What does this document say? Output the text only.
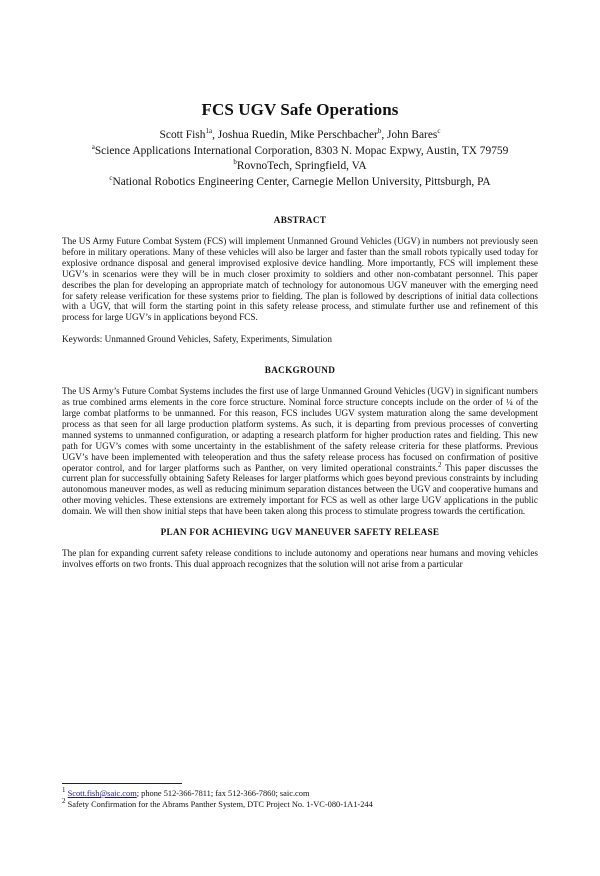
FCS UGV Safe Operations
Scott Fish$^{1a}$, Joshua Ruedin, Mike Perschbacher$^b$, John Bares$^c$
$^a$Science Applications International Corporation, 8303 N. Mopac Expwy, Austin, TX 79759
$^b$RovnoTech, Springfield, VA
$^c$National Robotics Engineering Center, Carnegie Mellon University, Pittsburgh, PA
ABSTRACT

The US Army Future Combat System (FCS) will implement Unmanned Ground Vehicles (UGV) in numbers not previously seen before in military operations. Many of these vehicles will also be larger and faster than the small robots typically used today for explosive ordnance disposal and general improvised explosive device handling. More importantly, FCS will implement these UGV’s in scenarios were they will be in much closer proximity to soldiers and other non-combatant personnel. This paper describes the plan for developing an appropriate match of technology for autonomous UGV maneuver with the emerging need for safety release verification for these systems prior to fielding. The plan is followed by descriptions of initial data collections with a UGV, that will form the starting point in this safety release process, and stimulate further use and refinement of this process for large UGV’s in applications beyond FCS.

Keywords: Unmanned Ground Vehicles, Safety, Experiments, Simulation

BACKGROUND

The US Army’s Future Combat Systems includes the first use of large Unmanned Ground Vehicles (UGV) in significant numbers as true combined arms elements in the core force structure. Nominal force structure concepts include on the order of ¼ of the large combat platforms to be unmanned. For this reason, FCS includes UGV system maturation along the same development process as that seen for all large production platform systems. As such, it is departing from previous processes of converting manned systems to unmanned configuration, or adapting a research platform for higher production rates and fielding. This new path for UGV’s comes with some uncertainty in the establishment of the safety release criteria for these platforms. Previous UGV’s have been implemented with teleoperation and thus the safety release process has focused on confirmation of positive operator control, and for larger platforms such as Panther, on very limited operational constraints.$^2$ This paper discusses the current plan for successfully obtaining Safety Releases for larger platforms which goes beyond previous constraints by including autonomous maneuver modes, as well as reducing minimum separation distances between the UGV and cooperative humans and other moving vehicles. These extensions are extremely important for FCS as well as other large UGV applications in the public domain. We will then show initial steps that have been taken along this process to stimulate progress towards the certification.

PLAN FOR ACHIEVING UGV MANEUVER SAFETY RELEASE

The plan for expanding current safety release conditions to include autonomy and operations near humans and moving vehicles involves efforts on two fronts. This dual approach recognizes that the solution will not arise from a particular

$^1$ Scott.fish@saic.com; phone 512-366-7811; fax 512-366-7860; saic.com
$^2$ Safety Confirmation for the Abrams Panther System, DTC Project No. 1-VC-080-1A1-244
